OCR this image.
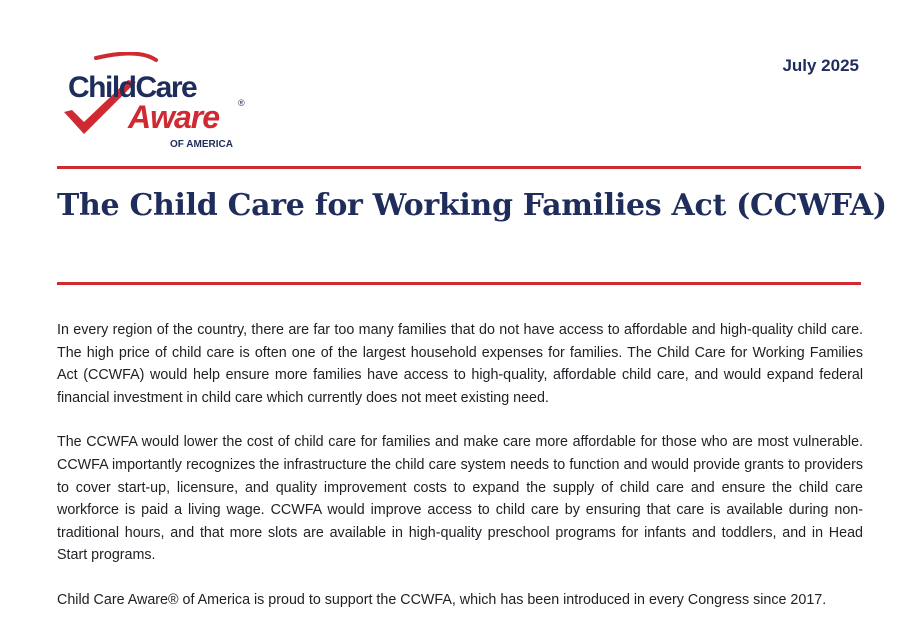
ChildCare
Aware ®
OF AMERICA
July 2025
The Child Care for Working Families Act (CCWFA)

In every region of the country, there are far too many families that do not have access to affordable and high-quality child care. The high price of child care is often one of the largest household expenses for families. The Child Care for Working Families Act (CCWFA) would help ensure more families have access to high-quality, affordable child care, and would expand federal financial investment in child care which currently does not meet existing need.

The CCWFA would lower the cost of child care for families and make care more affordable for those who are most vulnerable. CCWFA importantly recognizes the infrastructure the child care system needs to function and would provide grants to providers to cover start-up, licensure, and quality improvement costs to expand the supply of child care and ensure the child care workforce is paid a living wage. CCWFA would improve access to child care by ensuring that care is available during non-traditional hours, and that more slots are available in high-quality preschool programs for infants and toddlers, and in Head Start programs.

Child Care Aware® of America is proud to support the CCWFA, which has been introduced in every Congress since 2017.
